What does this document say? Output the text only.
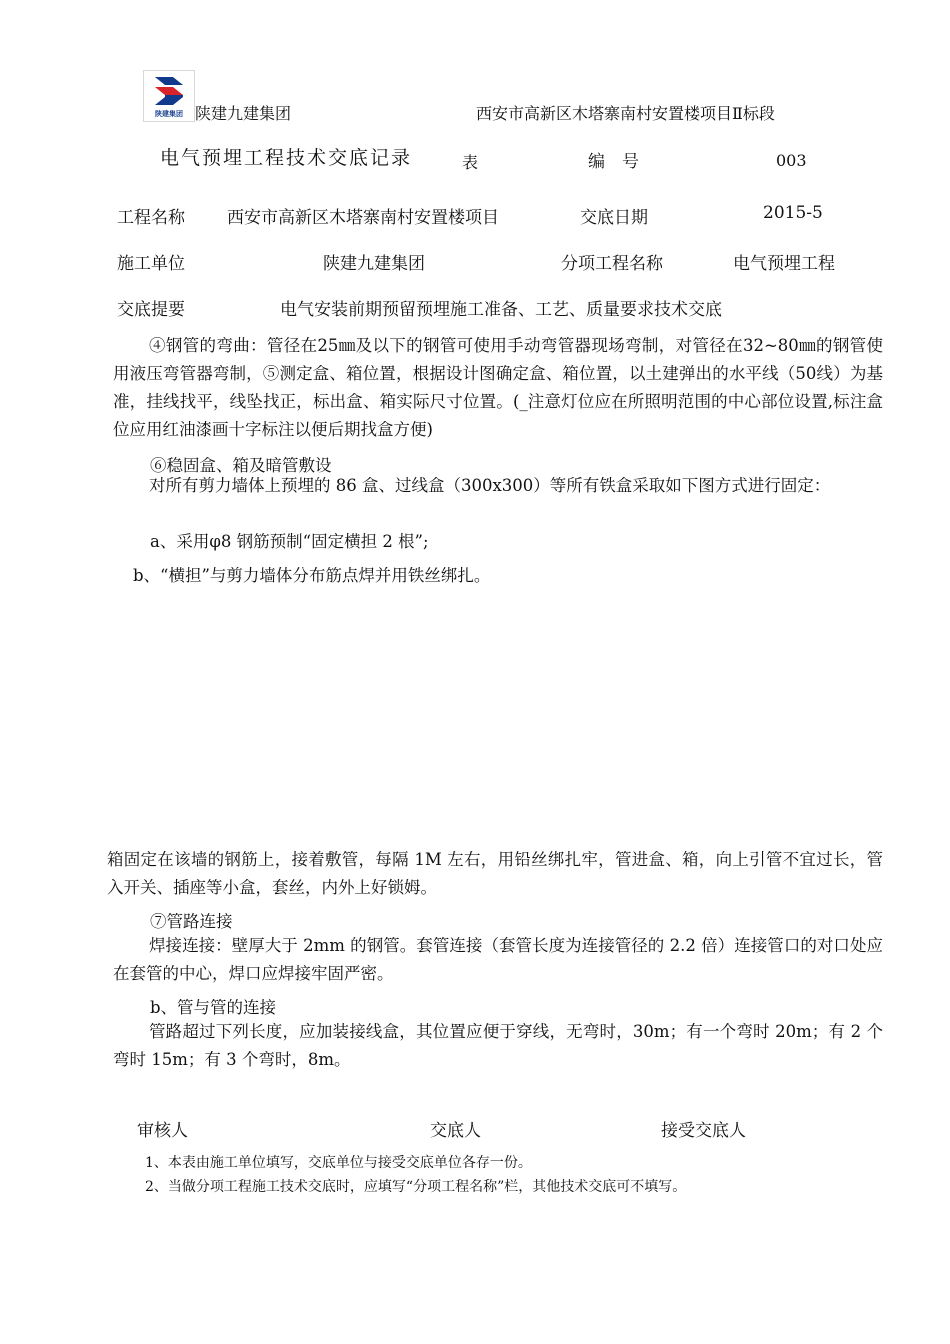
陕建集团 陕建九建集团	西安市高新区木塔寨南村安置楼项目Ⅱ标段
电气预埋工程技术交底记录	表	编　号	003
工程名称 西安市高新区木塔寨南村安置楼项目	交底日期	2015-5
施工单位	陕建九建集团	分项工程名称	电气预埋工程
交底提要	电气安装前期预留预埋施工准备、工艺、质量要求技术交底
④钢管的弯曲：管径在25㎜及以下的钢管可使用手动弯管器现场弯制，对管径在32~80㎜的钢管使用液压弯管器弯制，⑤测定盒、箱位置，根据设计图确定盒、箱位置，以土建弹出的水平线（50线）为基准，挂线找平，线坠找正，标出盒、箱实际尺寸位置。(_注意灯位应在所照明范围的中心部位设置,标注盒位应用红油漆画十字标注以便后期找盒方便)
⑥稳固盒、箱及暗管敷设
对所有剪力墙体上预埋的 86 盒、过线盒（300x300）等所有铁盒采取如下图方式进行固定：
a、采用φ8 钢筋预制“固定横担 2 根”;
b、“横担”与剪力墙体分布筋点焊并用铁丝绑扎。
箱固定在该墙的钢筋上，接着敷管，每隔 1M 左右，用铅丝绑扎牢，管进盒、箱，向上引管不宜过长，管入开关、插座等小盒，套丝，内外上好锁姆。
⑦管路连接
焊接连接：壁厚大于 2mm 的钢管。套管连接（套管长度为连接管径的 2.2 倍）连接管口的对口处应在套管的中心，焊口应焊接牢固严密。
b、管与管的连接
管路超过下列长度，应加装接线盒，其位置应便于穿线，无弯时，30m；有一个弯时 20m；有 2 个弯时 15m；有 3 个弯时，8m。
审核人	交底人	接受交底人
1、本表由施工单位填写，交底单位与接受交底单位各存一份。
2、当做分项工程施工技术交底时，应填写“分项工程名称”栏，其他技术交底可不填写。
